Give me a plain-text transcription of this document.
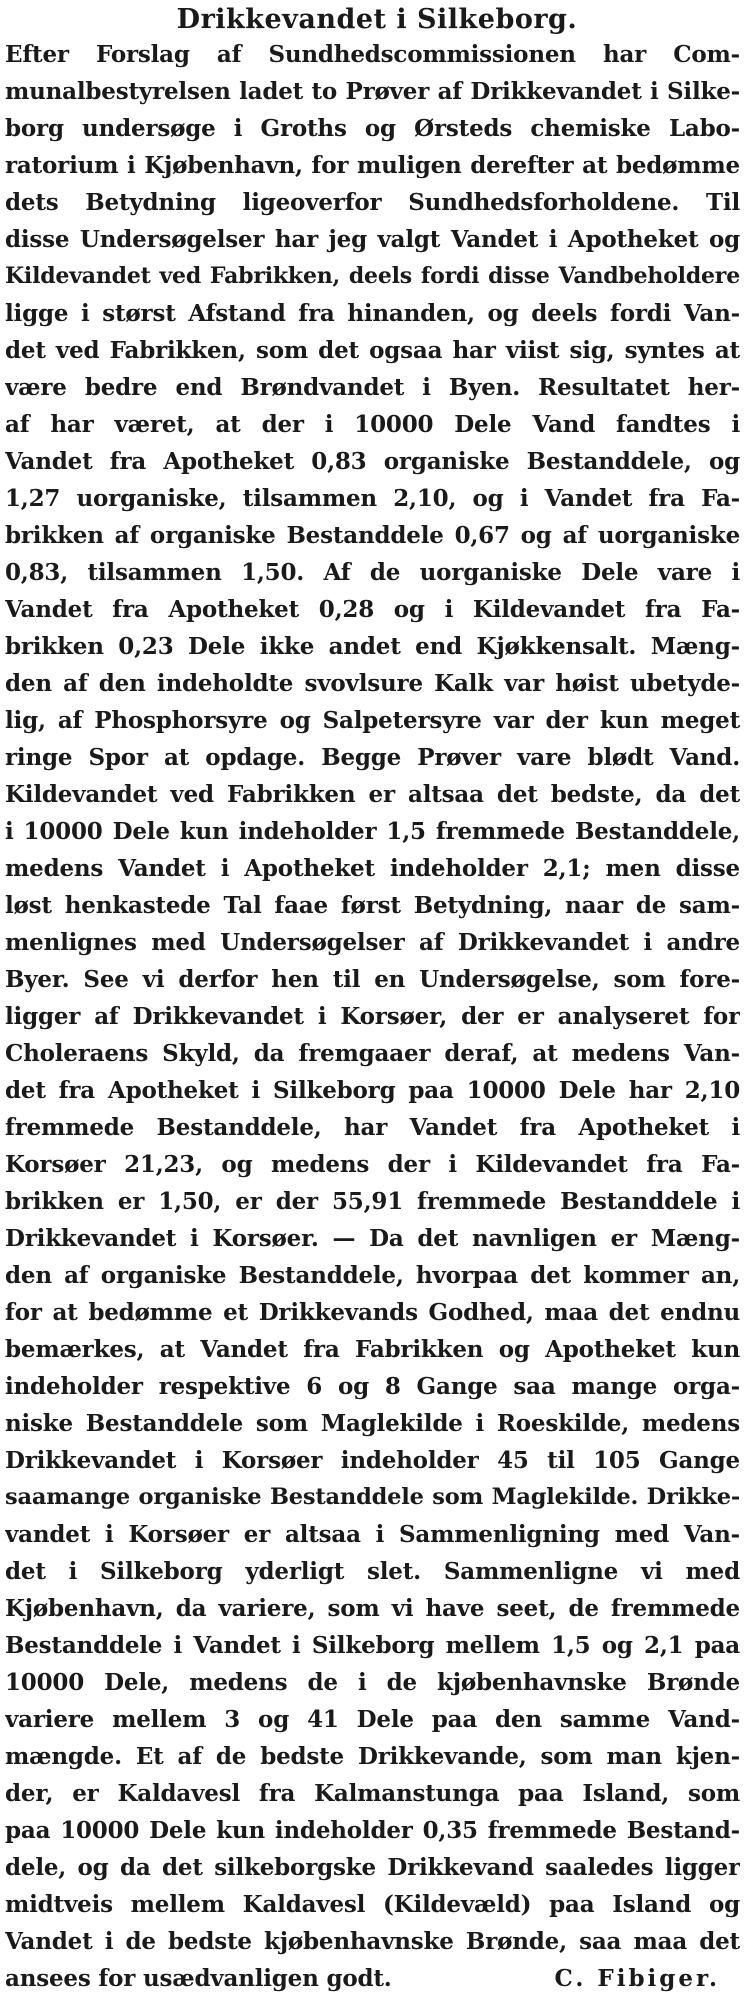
Drikkevandet i Silkeborg.
Efter Forslag af Sundhedscommissionen har Com-
munalbestyrelsen ladet to Prøver af Drikkevandet i Silke-
borg undersøge i Groths og Ørsteds chemiske Labo-
ratorium i Kjøbenhavn, for muligen derefter at bedømme
dets Betydning ligeoverfor Sundhedsforholdene. Til
disse Undersøgelser har jeg valgt Vandet i Apotheket og
Kildevandet ved Fabrikken, deels fordi disse Vandbeholdere
ligge i størst Afstand fra hinanden, og deels fordi Van-
det ved Fabrikken, som det ogsaa har viist sig, syntes at
være bedre end Brøndvandet i Byen. Resultatet her-
af har været, at der i 10000 Dele Vand fandtes i
Vandet fra Apotheket 0,83 organiske Bestanddele, og
1,27 uorganiske, tilsammen 2,10, og i Vandet fra Fa-
brikken af organiske Bestanddele 0,67 og af uorganiske
0,83, tilsammen 1,50. Af de uorganiske Dele vare i
Vandet fra Apotheket 0,28 og i Kildevandet fra Fa-
brikken 0,23 Dele ikke andet end Kjøkkensalt. Mæng-
den af den indeholdte svovlsure Kalk var høist ubetyde-
lig, af Phosphorsyre og Salpetersyre var der kun meget
ringe Spor at opdage. Begge Prøver vare blødt Vand.
Kildevandet ved Fabrikken er altsaa det bedste, da det
i 10000 Dele kun indeholder 1,5 fremmede Bestanddele,
medens Vandet i Apotheket indeholder 2,1; men disse
løst henkastede Tal faae først Betydning, naar de sam-
menlignes med Undersøgelser af Drikkevandet i andre
Byer. See vi derfor hen til en Undersøgelse, som fore-
ligger af Drikkevandet i Korsøer, der er analyseret for
Choleraens Skyld, da fremgaaer deraf, at medens Van-
det fra Apotheket i Silkeborg paa 10000 Dele har 2,10
fremmede Bestanddele, har Vandet fra Apotheket i
Korsøer 21,23, og medens der i Kildevandet fra Fa-
brikken er 1,50, er der 55,91 fremmede Bestanddele i
Drikkevandet i Korsøer. — Da det navnligen er Mæng-
den af organiske Bestanddele, hvorpaa det kommer an,
for at bedømme et Drikkevands Godhed, maa det endnu
bemærkes, at Vandet fra Fabrikken og Apotheket kun
indeholder respektive 6 og 8 Gange saa mange orga-
niske Bestanddele som Maglekilde i Roeskilde, medens
Drikkevandet i Korsøer indeholder 45 til 105 Gange
saamange organiske Bestanddele som Maglekilde. Drikke-
vandet i Korsøer er altsaa i Sammenligning med Van-
det i Silkeborg yderligt slet. Sammenligne vi med
Kjøbenhavn, da variere, som vi have seet, de fremmede
Bestanddele i Vandet i Silkeborg mellem 1,5 og 2,1 paa
10000 Dele, medens de i de kjøbenhavnske Brønde
variere mellem 3 og 41 Dele paa den samme Vand-
mængde. Et af de bedste Drikkevande, som man kjen-
der, er Kaldavesl fra Kalmanstunga paa Island, som
paa 10000 Dele kun indeholder 0,35 fremmede Bestand-
dele, og da det silkeborgske Drikkevand saaledes ligger
midtveis mellem Kaldavesl (Kildevæld) paa Island og
Vandet i de bedste kjøbenhavnske Brønde, saa maa det
ansees for usædvanligen godt.	C. Fibiger.
